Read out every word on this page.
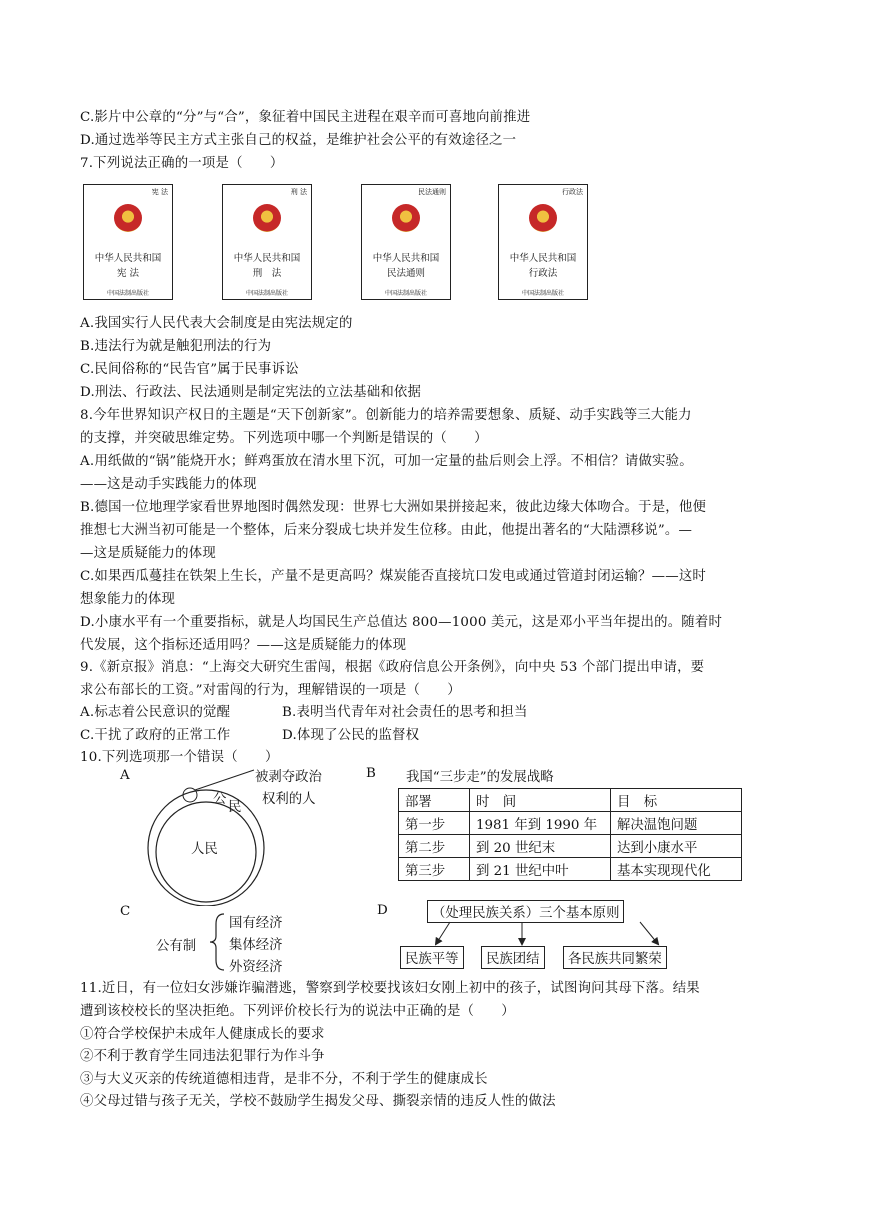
C.影片中公章的“分”与“合”，象征着中国民主进程在艰辛而可喜地向前推进
D.通过选举等民主方式主张自己的权益，是维护社会公平的有效途径之一
7.下列说法正确的一项是（　　）
宪 法
中华人民共和国
宪 法
中国法制出版社
刑 法
中华人民共和国
刑　法
中国法制出版社
民法通则
中华人民共和国
民法通则
中国法制出版社
行政法
中华人民共和国
行政法
中国法制出版社
A.我国实行人民代表大会制度是由宪法规定的
B.违法行为就是触犯刑法的行为
C.民间俗称的“民告官”属于民事诉讼
D.刑法、行政法、民法通则是制定宪法的立法基础和依据
8.今年世界知识产权日的主题是“天下创新家”。创新能力的培养需要想象、质疑、动手实践等三大能力
的支撑，并突破思维定势。下列选项中哪一个判断是错误的（　　）
A.用纸做的“锅”能烧开水；鲜鸡蛋放在清水里下沉，可加一定量的盐后则会上浮。不相信？请做实验。
——这是动手实践能力的体现
B.德国一位地理学家看世界地图时偶然发现：世界七大洲如果拼接起来，彼此边缘大体吻合。于是，他便
推想七大洲当初可能是一个整体，后来分裂成七块并发生位移。由此，他提出著名的“大陆漂移说”。—
—这是质疑能力的体现
C.如果西瓜蔓挂在铁架上生长，产量不是更高吗？煤炭能否直接坑口发电或通过管道封闭运输？——这时
想象能力的体现
D.小康水平有一个重要指标，就是人均国民生产总值达 800—1000 美元，这是邓小平当年提出的。随着时
代发展，这个指标还适用吗？——这是质疑能力的体现
9.《新京报》消息：“上海交大研究生雷闯，根据《政府信息公开条例》，向中央 53 个部门提出申请，要
求公布部长的工资。”对雷闯的行为，理解错误的一项是（　　）
A.标志着公民意识的觉醒	B.表明当代青年对社会责任的思考和担当
C.干扰了政府的正常工作	D.体现了公民的监督权
10.下列选项那一个错误（　　）
A	被剥夺政治
权利的人
公
民
人民
B 我国“三步走”的发展战略
部署	时　间	目　标
第一步	1981 年到 1990 年	解决温饱问题
第二步	到 20 世纪末	达到小康水平
第三步	到 21 世纪中叶	基本实现现代化
C
公有制
国有经济
集体经济
外资经济
D	（处理民族关系）三个基本原则
民族平等	民族团结	各民族共同繁荣
11.近日，有一位妇女涉嫌诈骗潜逃，警察到学校要找该妇女刚上初中的孩子，试图询问其母下落。结果
遭到该校校长的坚决拒绝。下列评价校长行为的说法中正确的是（　　）
①符合学校保护未成年人健康成长的要求
②不利于教育学生同违法犯罪行为作斗争
③与大义灭亲的传统道德相违背，是非不分，不利于学生的健康成长
④父母过错与孩子无关，学校不鼓励学生揭发父母、撕裂亲情的违反人性的做法
